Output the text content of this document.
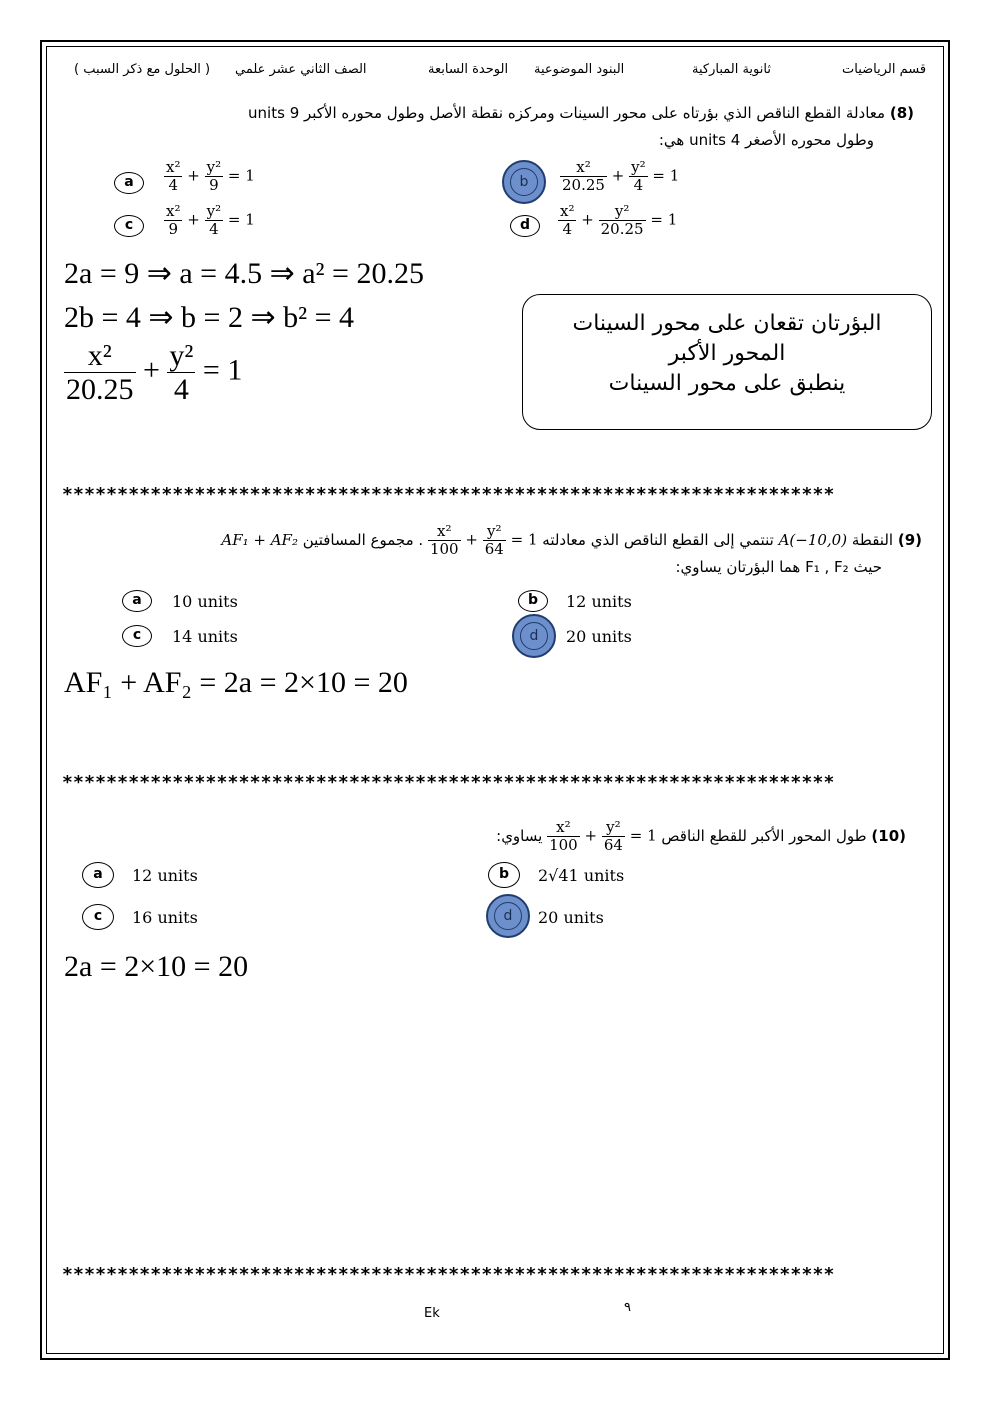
قسم الرياضيات
ثانوية المباركية
البنود الموضوعية
الوحدة السابعة
الصف الثاني عشر علمي
( الحلول مع ذكر السبب )
(8) معادلة القطع الناقص الذي بؤرتاه على محور السينات ومركزه نقطة الأصل وطول محوره الأكبر 9 units
وطول محوره الأصغر 4 units هي:
a	$\frac{\text{x²}}{4} + \frac{\text{y²}}{9} = 1$	b	$\frac{\text{x²}}{20.25} + \frac{\text{y²}}{4} = 1$
c	$\frac{\text{x²}}{9} + \frac{\text{y²}}{4} = 1$	d	$\frac{\text{x²}}{4} + \frac{\text{y²}}{20.25} = 1$
2a = 9 ⇒ a = 4.5 ⇒ a² = 20.25
2b = 4 ⇒ b = 2 ⇒ b² = 4
$\frac{\text{x²}}{20.25} + \frac{\text{y²}}{4} = 1$
البؤرتان تقعان على محور السينات
المحور الأكبر
ينطبق على محور السينات
**********************************************************************
(9) النقطة A(−10,0) تنتمي إلى القطع الناقص الذي معادلته
$\frac{\text{x²}}{100} + \frac{\text{y²}}{64} = 1$ . مجموع المسافتين AF₁ + AF₂
حيث F₁ , F₂ هما البؤرتان يساوي:
a	10 units	b	12 units
c	14 units	d	20 units
AF₁ + AF₂ = 2a = 2×10 = 20
**********************************************************************
(10) طول المحور الأكبر للقطع الناقص
$\frac{\text{x²}}{100} + \frac{\text{y²}}{64} = 1$ يساوي:
a	12 units	b	2√41 units
c	16 units	d	20 units
2a = 2×10 = 20
**********************************************************************
Ek	٩
